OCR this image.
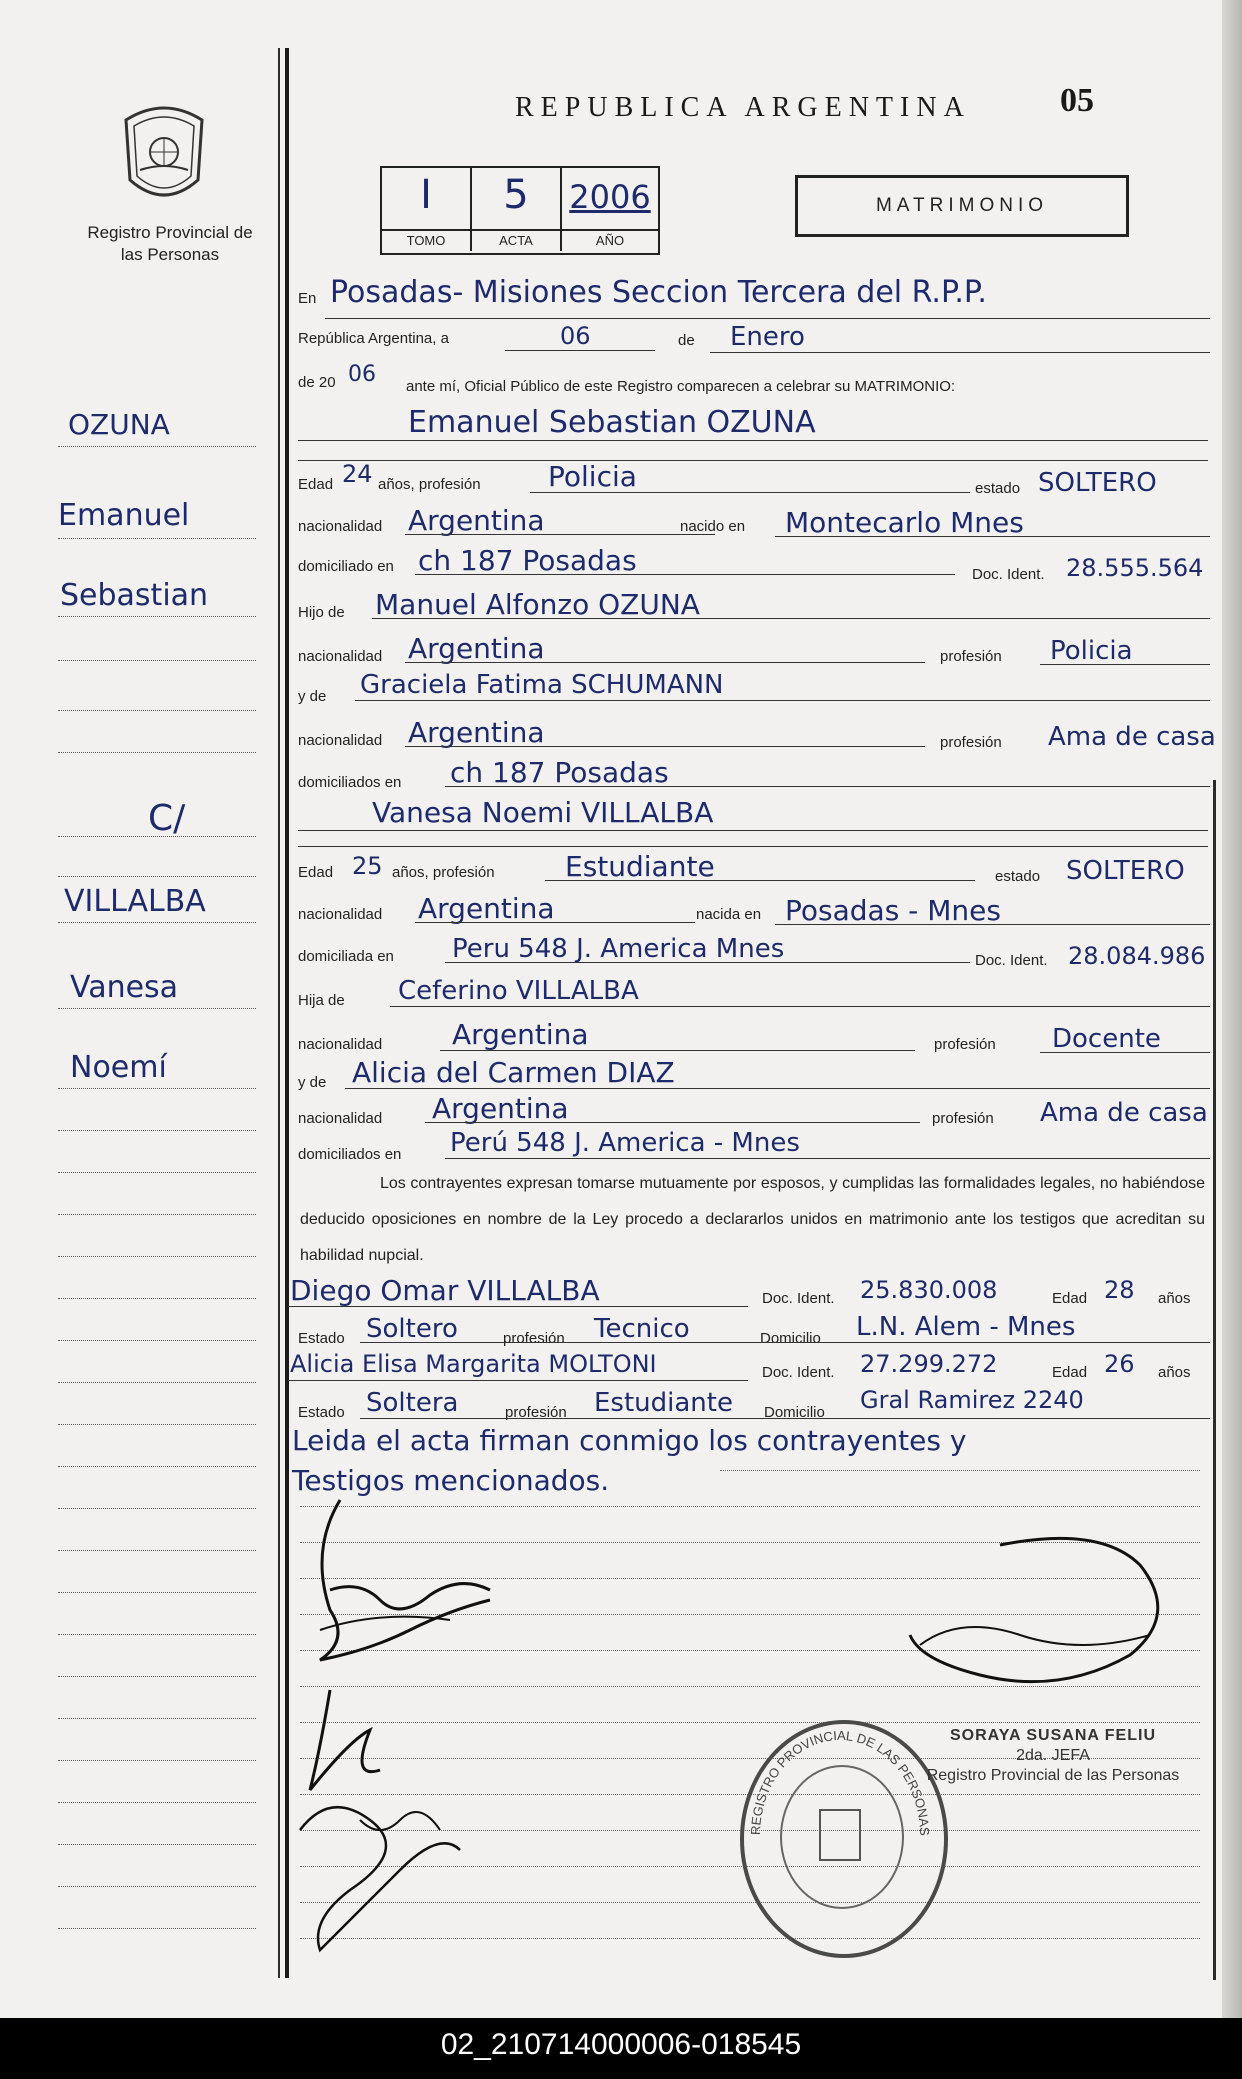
Registro Provincial de las Personas
REPUBLICA ARGENTINA	05
I
TOMO
5
ACTA
2006
AÑO
MATRIMONIO
En Posadas- Misiones Seccion Tercera del R.P.P.
República Argentina, a	06	de Enero
de 20 06 ante mí, Oficial Público de este Registro comparecen a celebrar su MATRIMONIO:
OZUNA
Emanuel
Sebastian
C/
VILLALBA
Vanesa
Noemí
Emanuel Sebastian OZUNA
Edad 24 años, profesión Policia	estado SOLTERO
nacionalidad Argentina	nacido en Montecarlo Mnes
domiciliado en ch 187 Posadas	Doc. Ident. 28.555.564
Hijo de Manuel Alfonzo OZUNA
nacionalidad Argentina	profesión Policia
y de Graciela Fatima SCHUMANN
nacionalidad Argentina	profesión Ama de casa
domiciliados en ch 187 Posadas
Vanesa Noemi VILLALBA
Edad 25 años, profesión	Estudiante	estado SOLTERO
nacionalidad Argentina	nacida en Posadas - Mnes
domiciliada en Peru 548 J. America Mnes	Doc. Ident. 28.084.986
Hija de Ceferino VILLALBA
nacionalidad Argentina	profesión Docente
y de Alicia del Carmen DIAZ
nacionalidad Argentina	profesión Ama de casa
domiciliados en Perú 548 J. America - Mnes
Los contrayentes expresan tomarse mutuamente por esposos, y cumplidas las formalidades legales, no habiéndose deducido oposiciones en nombre de la Ley procedo a declararlos unidos en matrimonio ante los testigos que acreditan su habilidad nupcial.
Diego Omar VILLALBA	Doc. Ident. 25.830.008	Edad 28 años
Estado Soltero	profesión Tecnico	Domicilio L.N. Alem - Mnes
Alicia Elisa Margarita MOLTONI	Doc. Ident. 27.299.272	Edad 26 años
Estado Soltera	profesión Estudiante Domicilio Gral Ramirez 2240
Leida el acta firman conmigo los contrayentes y
Testigos mencionados.
REGISTRO PROVINCIAL DE LAS PERSONAS
SORAYA SUSANA FELIU
2da. JEFA
Registro Provincial de las Personas
02_210714000006-018545
